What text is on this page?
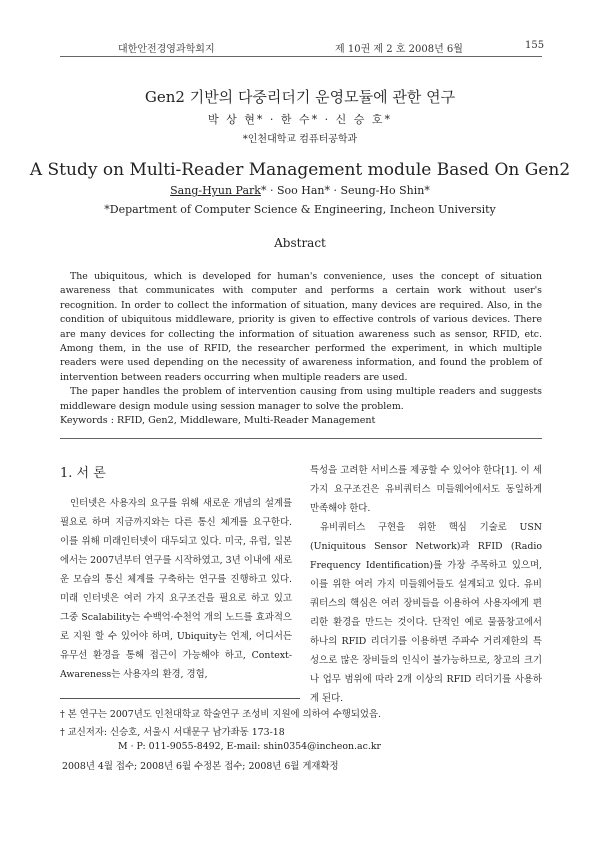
대한안전경영과학회지	제 10권 제 2 호 2008년 6월	155
Gen2 기반의 다중리더기 운영모듈에 관한 연구
박 상 현* · 한 수* · 신 승 호*
*인천대학교 컴퓨터공학과
A Study on Multi-Reader Management module Based On Gen2
Sang-Hyun Park* · Soo Han* · Seung-Ho Shin*
*Department of Computer Science & Engineering, Incheon University
Abstract

The ubiquitous, which is developed for human's convenience, uses the concept of situation awareness that communicates with computer and performs a certain work without user's recognition. In order to collect the information of situation, many devices are required. Also, in the condition of ubiquitous middleware, priority is given to effective controls of various devices. There are many devices for collecting the information of situation awareness such as sensor, RFID, etc. Among them, in the use of RFID, the researcher performed the experiment, in which multiple readers were used depending on the necessity of awareness information, and found the problem of intervention between readers occurring when multiple readers are used.

The paper handles the problem of intervention causing from using multiple readers and suggests middleware design module using session manager to solve the problem.

Keywords : RFID, Gen2, Middleware, Multi-Reader Management

1. 서 론

인터넷은 사용자의 요구를 위해 새로운 개념의 설계를 필요로 하며 지금까지와는 다른 통신 체계를 요구한다. 이를 위해 미래인터넷이 대두되고 있다. 미국, 유럽, 일본에서는 2007년부터 연구를 시작하였고, 3년 이내에 새로운 모습의 통신 체계를 구축하는 연구를 진행하고 있다. 미래 인터넷은 여러 가지 요구조건을 필요로 하고 있고 그중 Scalability는 수백억·수천억 개의 노드를 효과적으로 지원 할 수 있어야 하며, Ubiquity는 언제, 어디서든 유무선 환경을 통해 접근이 가능해야 하고, Context-Awareness는 사용자의 환경, 경험,

특성을 고려한 서비스를 제공할 수 있어야 한다[1]. 이 세 가지 요구조건은 유비쿼터스 미들웨어에서도 동일하게 만족해야 한다.

유비쿼터스 구현을 위한 핵심 기술로 USN (Uniquitous Sensor Network)과 RFID (Radio Frequency Identification)를 가장 주목하고 있으며, 이를 위한 여러 가지 미들웨어들도 설계되고 있다. 유비쿼터스의 핵심은 여러 장비들을 이용하여 사용자에게 편리한 환경을 만드는 것이다. 단적인 예로 물품창고에서 하나의 RFID 리더기를 이용하면 주파수 거리제한의 특성으로 많은 장비들의 인식이 불가능하므로, 창고의 크기나 업무 범위에 따라 2개 이상의 RFID 리더기를 사용하게 된다.

† 본 연구는 2007년도 인천대학교 학술연구 조성비 지원에 의하여 수행되었음.
† 교신저자: 신승호, 서울시 서대문구 남가좌동 173-18
M · P: 011-9055-8492, E-mail: shin0354@incheon.ac.kr
2008년 4월 접수; 2008년 6월 수정본 접수; 2008년 6월 게재확정
